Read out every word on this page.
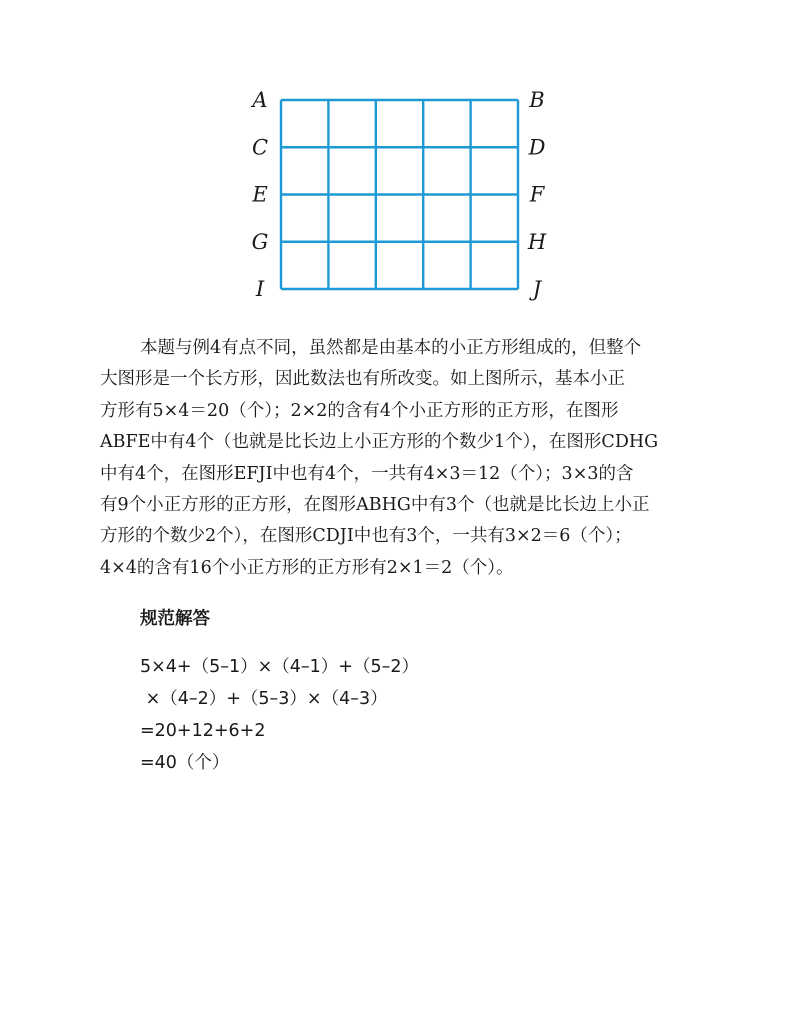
A
C
E
G
I
B
D
F
H
J
本题与例4有点不同，虽然都是由基本的小正方形组成的，但整个
大图形是一个长方形，因此数法也有所改变。如上图所示，基本小正
方形有5×4＝20（个）；2×2的含有4个小正方形的正方形，在图形
ABFE中有4个（也就是比长边上小正方形的个数少1个），在图形CDHG
中有4个，在图形EFJI中也有4个，一共有4×3＝12（个）；3×3的含
有9个小正方形的正方形，在图形ABHG中有3个（也就是比长边上小正
方形的个数少2个），在图形CDJI中也有3个，一共有3×2＝6（个）；
4×4的含有16个小正方形的正方形有2×1＝2（个）。
规范解答
5×4+（5–1）×（4–1）+（5–2）
×（4–2）+（5–3）×（4–3）
=20+12+6+2
=40（个）
